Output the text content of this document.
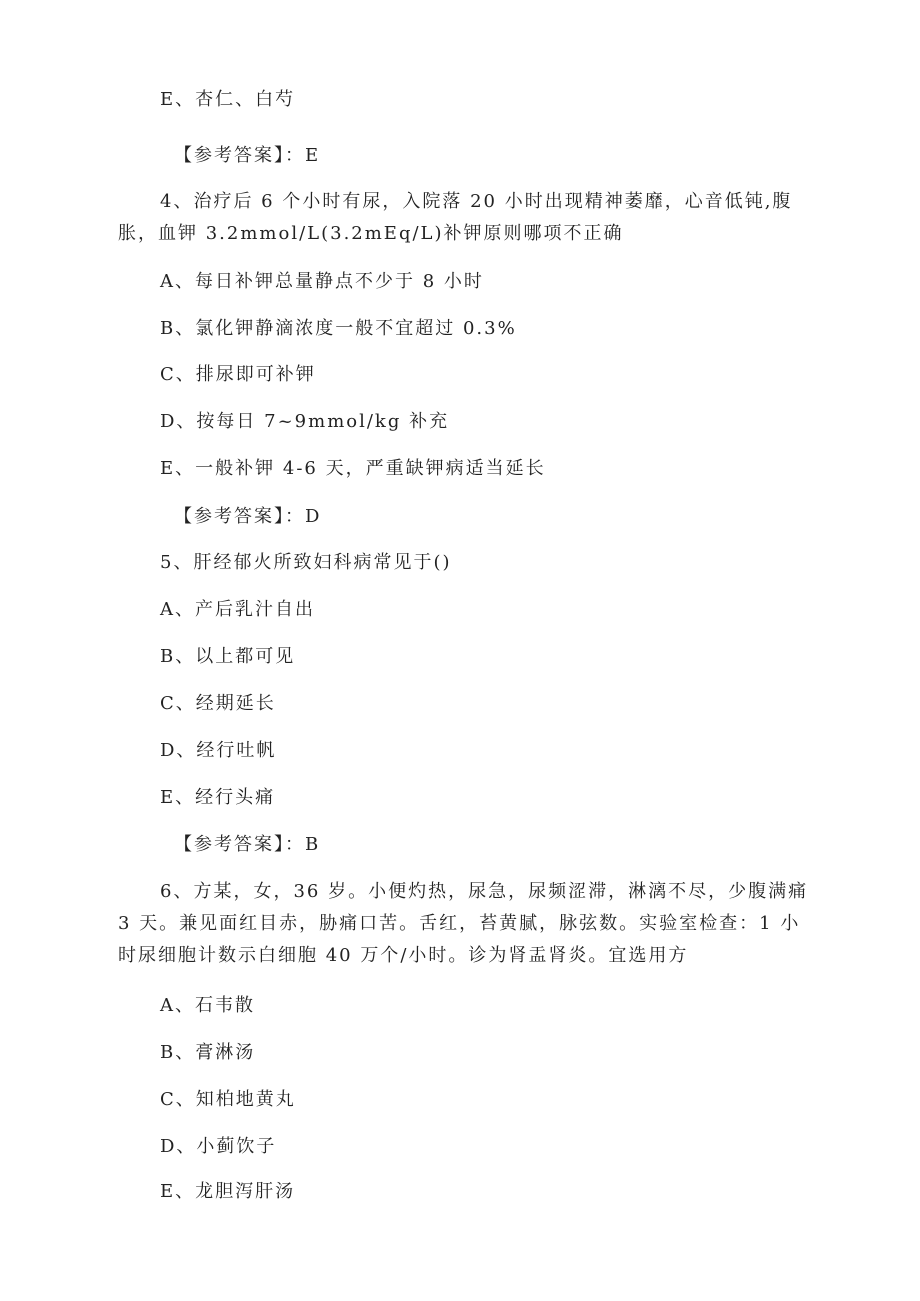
E、杏仁、白芍
【参考答案】：E
4、治疗后 6 个小时有尿，入院落 20 小时出现精神萎靡，心音低钝,腹
胀，血钾 3.2mmol/L(3.2mEq/L)补钾原则哪项不正确
A、每日补钾总量静点不少于 8 小时
B、氯化钾静滴浓度一般不宜超过 0.3%
C、排尿即可补钾
D、按每日 7~9mmol/kg 补充
E、一般补钾 4-6 天，严重缺钾病适当延长
【参考答案】：D
5、肝经郁火所致妇科病常见于()
A、产后乳汁自出
B、以上都可见
C、经期延长
D、经行吐帆
E、经行头痛
【参考答案】：B
6、方某，女，36 岁。小便灼热，尿急，尿频涩滞，淋漓不尽，少腹满痛
3 天。兼见面红目赤，胁痛口苦。舌红，苔黄腻，脉弦数。实验室检查：1 小
时尿细胞计数示白细胞 40 万个/小时。诊为肾盂肾炎。宜选用方
A、石韦散
B、膏淋汤
C、知柏地黄丸
D、小蓟饮子
E、龙胆泻肝汤
